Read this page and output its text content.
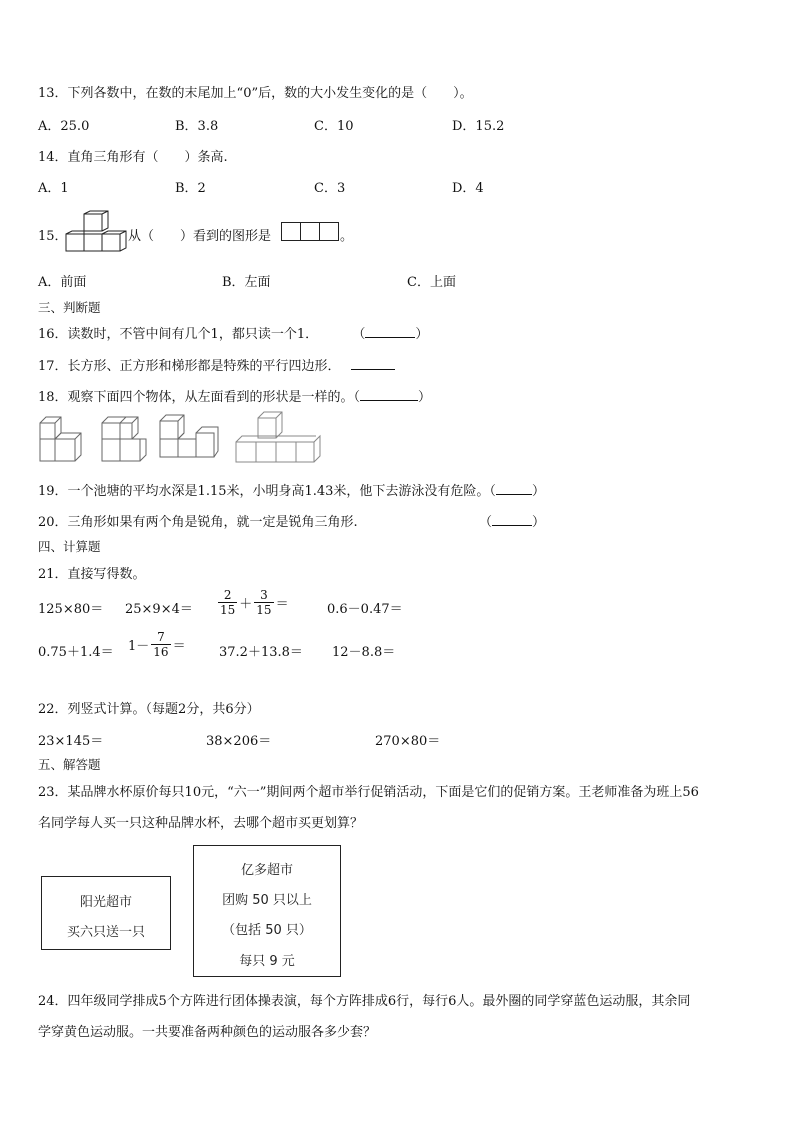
13．下列各数中，在数的末尾加上“0”后，数的大小发生变化的是（　　）。
A．25.0	B．3.8	C．10	D．15.2
14．直角三角形有（　　）条高.
A．1	B．2	C．3	D．4
15．	从（　　）看到的图形是	。
A．前面	B．左面	C．上面
三、判断题
16．读数时，不管中间有几个1，都只读一个1．	（	）
17．长方形、正方形和梯形都是特殊的平行四边形．
18．观察下面四个物体，从左面看到的形状是一样的。（	）
19．一个池塘的平均水深是1.15米，小明身高1.43米，他下去游泳没有危险。（	）
20．三角形如果有两个角是锐角，就一定是锐角三角形.	（	）
四、计算题
21．直接写得数。
$125\times 80= 25\times 9\times 4= \frac{2}{15} + \frac{3}{15}$ ＝	0.6－0.47＝
$0.75+1.4= 1- \frac{7}{16}$ ＝	37.2＋13.8＝ 12－8.8＝
22．列竖式计算。（每题2分，共6分）
23×145＝	38×206＝	270×80＝
五、解答题
23．某品牌水杯原价每只10元，“六一”期间两个超市举行促销活动，下面是它们的促销方案。王老师准备为班上56
名同学每人买一只这种品牌水杯，去哪个超市买更划算？
阳光超市
买六只送一只
亿多超市
团购 50 只以上
（包括 50 只）
每只 9 元
24．四年级同学排成5个方阵进行团体操表演，每个方阵排成6行，每行6人。最外圈的同学穿蓝色运动服，其余同
学穿黄色运动服。一共要准备两种颜色的运动服各多少套？
